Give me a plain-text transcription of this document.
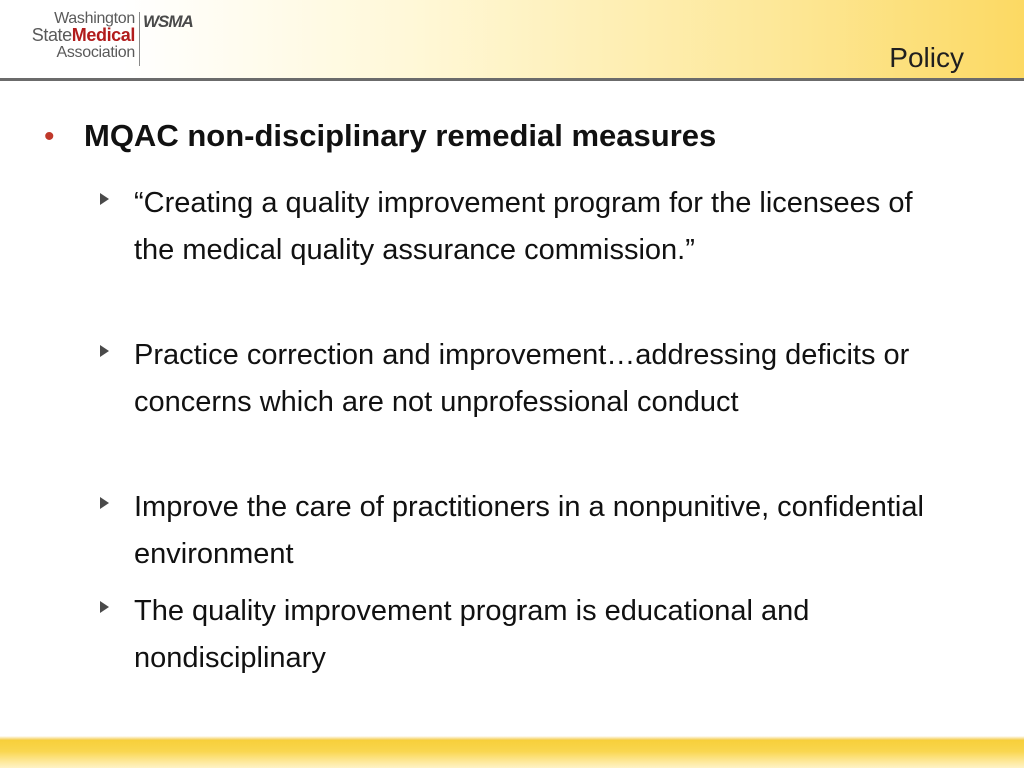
Washington
StateMedical
Association
WSMA
Policy
• MQAC non-disciplinary remedial measures
“Creating a quality improvement program for the licensees of the medical quality assurance commission.”
Practice correction and improvement…addressing deficits or concerns which are not unprofessional conduct
Improve the care of practitioners in a nonpunitive, confidential environment
The quality improvement program is educational and nondisciplinary
